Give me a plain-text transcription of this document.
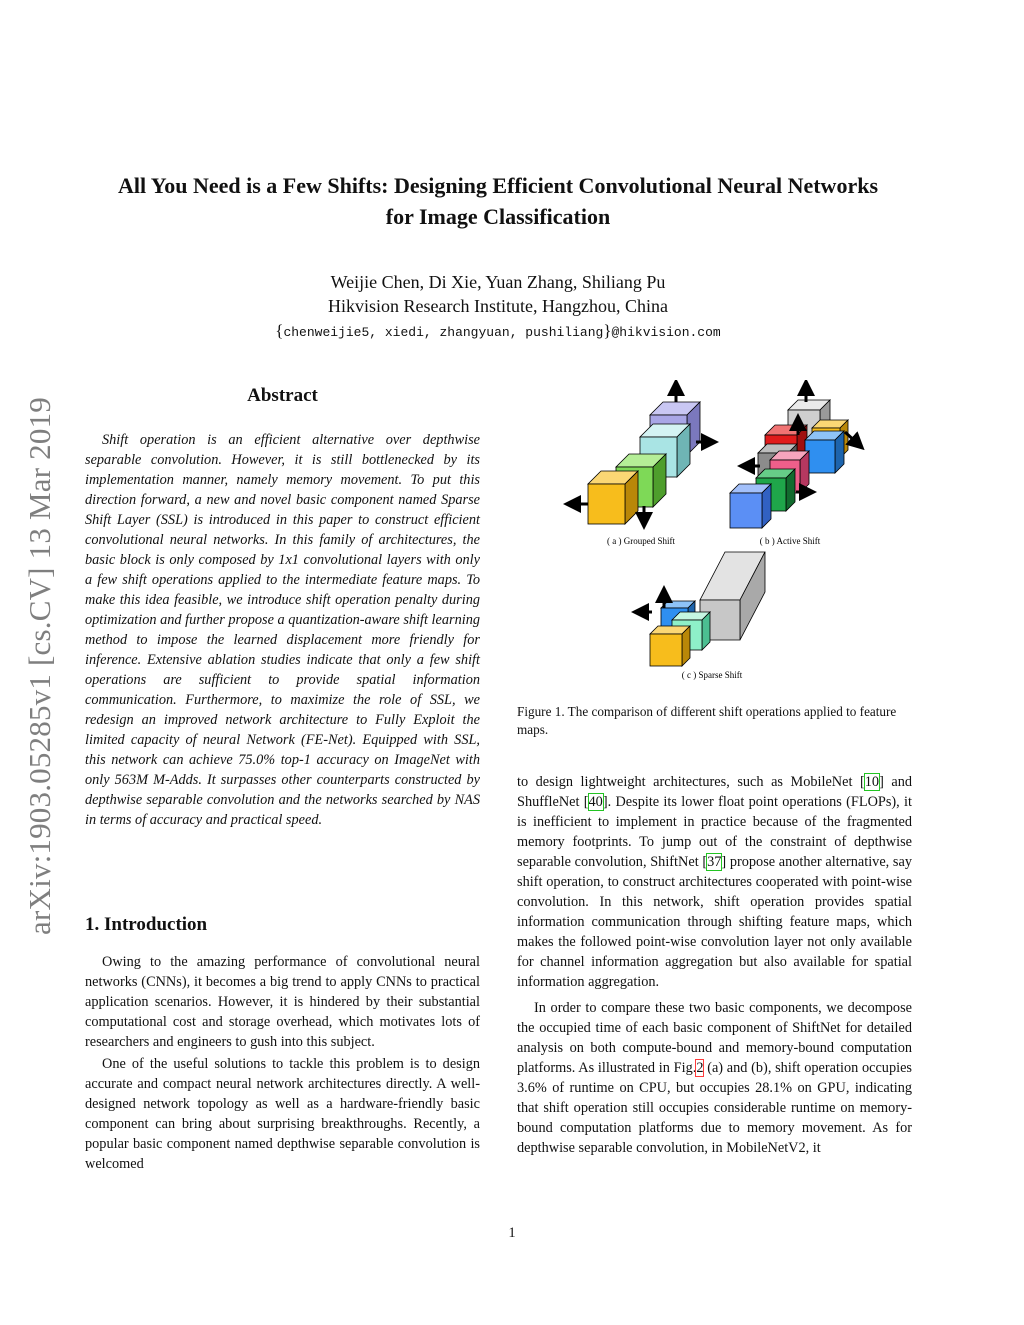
arXiv:1903.05285v1 [cs.CV] 13 Mar 2019
All You Need is a Few Shifts: Designing Efficient Convolutional Neural Networks
for Image Classification
Weijie Chen, Di Xie, Yuan Zhang, Shiliang Pu
Hikvision Research Institute, Hangzhou, China
{chenweijie5, xiedi, zhangyuan, pushiliang}@hikvision.com
Abstract

Shift operation is an efficient alternative over depthwise separable convolution. However, it is still bottlenecked by its implementation manner, namely memory movement. To put this direction forward, a new and novel basic component named Sparse Shift Layer (SSL) is introduced in this paper to construct efficient convolutional neural networks. In this family of architectures, the basic block is only composed by 1x1 convolutional layers with only a few shift operations applied to the intermediate feature maps. To make this idea feasible, we introduce shift operation penalty during optimization and further propose a quantization-aware shift learning method to impose the learned displacement more friendly for inference. Extensive ablation studies indicate that only a few shift operations are sufficient to provide spatial information communication. Furthermore, to maximize the role of SSL, we redesign an improved network architecture to Fully Exploit the limited capacity of neural Network (FE-Net). Equipped with SSL, this network can achieve 75.0% top-1 accuracy on ImageNet with only 563M M-Adds. It surpasses other counterparts constructed by depthwise separable convolution and the networks searched by NAS in terms of accuracy and practical speed.

1. Introduction

Owing to the amazing performance of convolutional neural networks (CNNs), it becomes a big trend to apply CNNs to practical application scenarios. However, it is hindered by their substantial computational cost and storage overhead, which motivates lots of researchers and engineers to gush into this subject.

One of the useful solutions to tackle this problem is to design accurate and compact neural network architectures directly. A well-designed network topology as well as a hardware-friendly basic component can bring about surprising breakthroughs. Recently, a popular basic component named depthwise separable convolution is welcomed

( a ) Grouped Shift	( b ) Active Shift
( c ) Sparse Shift
Figure 1. The comparison of different shift operations applied to feature maps.

to design lightweight architectures, such as MobileNet [10] and ShuffleNet [40]. Despite its lower float point operations (FLOPs), it is inefficient to implement in practice because of the fragmented memory footprints. To jump out of the constraint of depthwise separable convolution, ShiftNet [37] propose another alternative, say shift operation, to construct architectures cooperated with point-wise convolution. In this network, shift operation provides spatial information communication through shifting feature maps, which makes the followed point-wise convolution layer not only available for channel information aggregation but also available for spatial information aggregation.

In order to compare these two basic components, we decompose the occupied time of each basic component of ShiftNet for detailed analysis on both compute-bound and memory-bound computation platforms. As illustrated in Fig.2 (a) and (b), shift operation occupies 3.6% of runtime on CPU, but occupies 28.1% on GPU, indicating that shift operation still occupies considerable runtime on memory-bound computation platforms due to memory movement. As for depthwise separable convolution, in MobileNetV2, it

1
